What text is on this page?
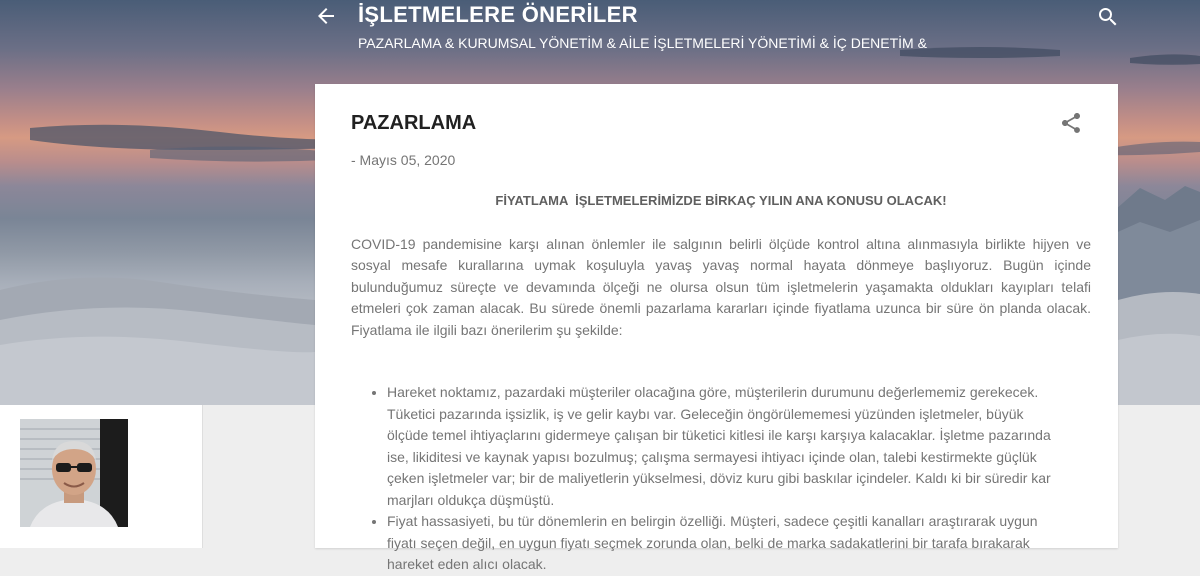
İŞLETMELERE ÖNERİLER

PAZARLAMA & KURUMSAL YÖNETİM & AİLE İŞLETMELERİ YÖNETİMİ & İÇ DENETİM &

PAZARLAMA
- Mayıs 05, 2020

FİYATLAMA  İŞLETMELERİMİZDE BİRKAÇ YILIN ANA KONUSU OLACAK!

COVID-19 pandemisine karşı alınan önlemler ile salgının belirli ölçüde kontrol altına alınmasıyla birlikte hijyen ve sosyal mesafe kurallarına uymak koşuluyla yavaş yavaş normal hayata dönmeye başlıyoruz. Bugün içinde bulunduğumuz süreçte ve devamında ölçeği ne olursa olsun tüm işletmelerin yaşamakta oldukları kayıpları telafi etmeleri çok zaman alacak. Bu sürede önemli pazarlama kararları içinde fiyatlama uzunca bir süre ön planda olacak. Fiyatlama ile ilgili bazı önerilerim şu şekilde:

• Hareket noktamız, pazardaki müşteriler olacağına göre, müşterilerin durumunu değerlememiz gerekecek. Tüketici pazarında işsizlik, iş ve gelir kaybı var. Geleceğin öngörülememesi yüzünden işletmeler, büyük ölçüde temel ihtiyaçlarını gidermeye çalışan bir tüketici kitlesi ile karşı karşıya kalacaklar. İşletme pazarında ise, likiditesi ve kaynak yapısı bozulmuş; çalışma sermayesi ihtiyacı içinde olan, talebi kestirmekte güçlük çeken işletmeler var; bir de maliyetlerin yükselmesi, döviz kuru gibi baskılar içindeler. Kaldı ki bir süredir kar marjları oldukça düşmüştü.
• Fiyat hassasiyeti, bu tür dönemlerin en belirgin özelliği. Müşteri, sadece çeşitli kanalları araştırarak uygun fiyatı seçen değil, en uygun fiyatı seçmek zorunda olan, belki de marka sadakatlerini bir tarafa bırakarak hareket eden alıcı olacak.
